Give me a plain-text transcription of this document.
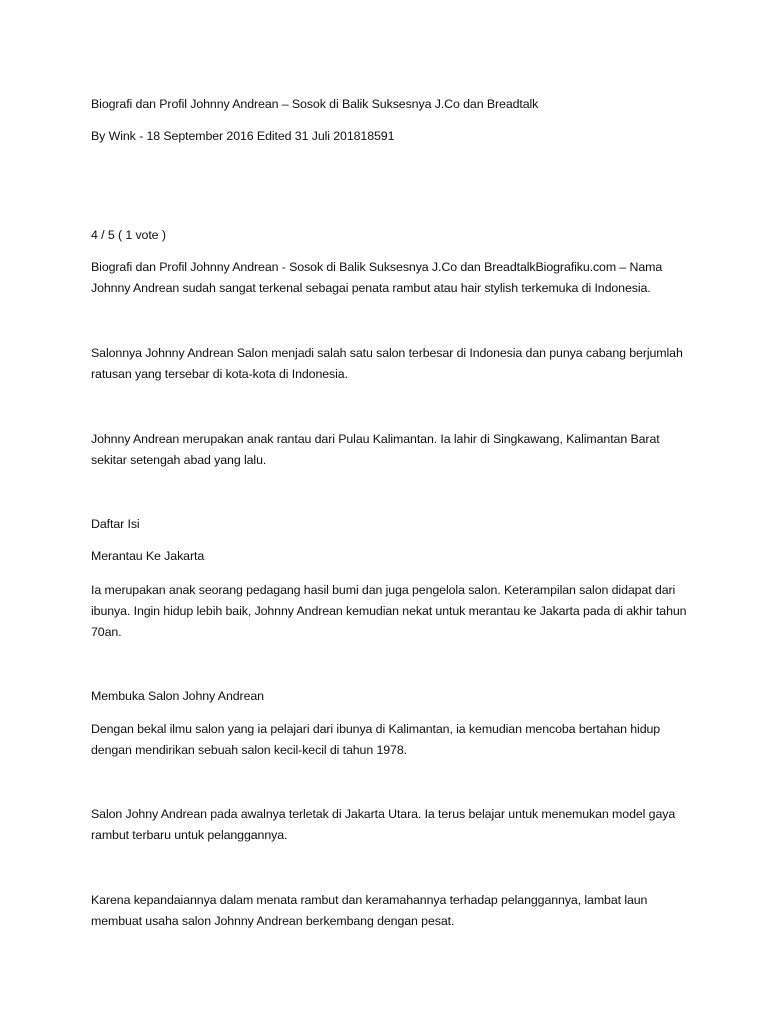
Biografi dan Profil Johnny Andrean – Sosok di Balik Suksesnya J.Co dan Breadtalk
By Wink - 18 September 2016 Edited 31 Juli 201818591
4 / 5 ( 1 vote )
Biografi dan Profil Johnny Andrean - Sosok di Balik Suksesnya J.Co dan BreadtalkBiografiku.com – Nama Johnny Andrean sudah sangat terkenal sebagai penata rambut atau hair stylish terkemuka di Indonesia.
Salonnya Johnny Andrean Salon menjadi salah satu salon terbesar di Indonesia dan punya cabang berjumlah ratusan yang tersebar di kota-kota di Indonesia.
Johnny Andrean merupakan anak rantau dari Pulau Kalimantan. Ia lahir di Singkawang, Kalimantan Barat sekitar setengah abad yang lalu.
Daftar Isi
Merantau Ke Jakarta
Ia merupakan anak seorang pedagang hasil bumi dan juga pengelola salon. Keterampilan salon didapat dari ibunya. Ingin hidup lebih baik, Johnny Andrean kemudian nekat untuk merantau ke Jakarta pada di akhir tahun 70an.
Membuka Salon Johny Andrean
Dengan bekal ilmu salon yang ia pelajari dari ibunya di Kalimantan, ia kemudian mencoba bertahan hidup dengan mendirikan sebuah salon kecil-kecil di tahun 1978.
Salon Johny Andrean pada awalnya terletak di Jakarta Utara. Ia terus belajar untuk menemukan model gaya rambut terbaru untuk pelanggannya.
Karena kepandaiannya dalam menata rambut dan keramahannya terhadap pelanggannya, lambat laun membuat usaha salon Johnny Andrean berkembang dengan pesat.
